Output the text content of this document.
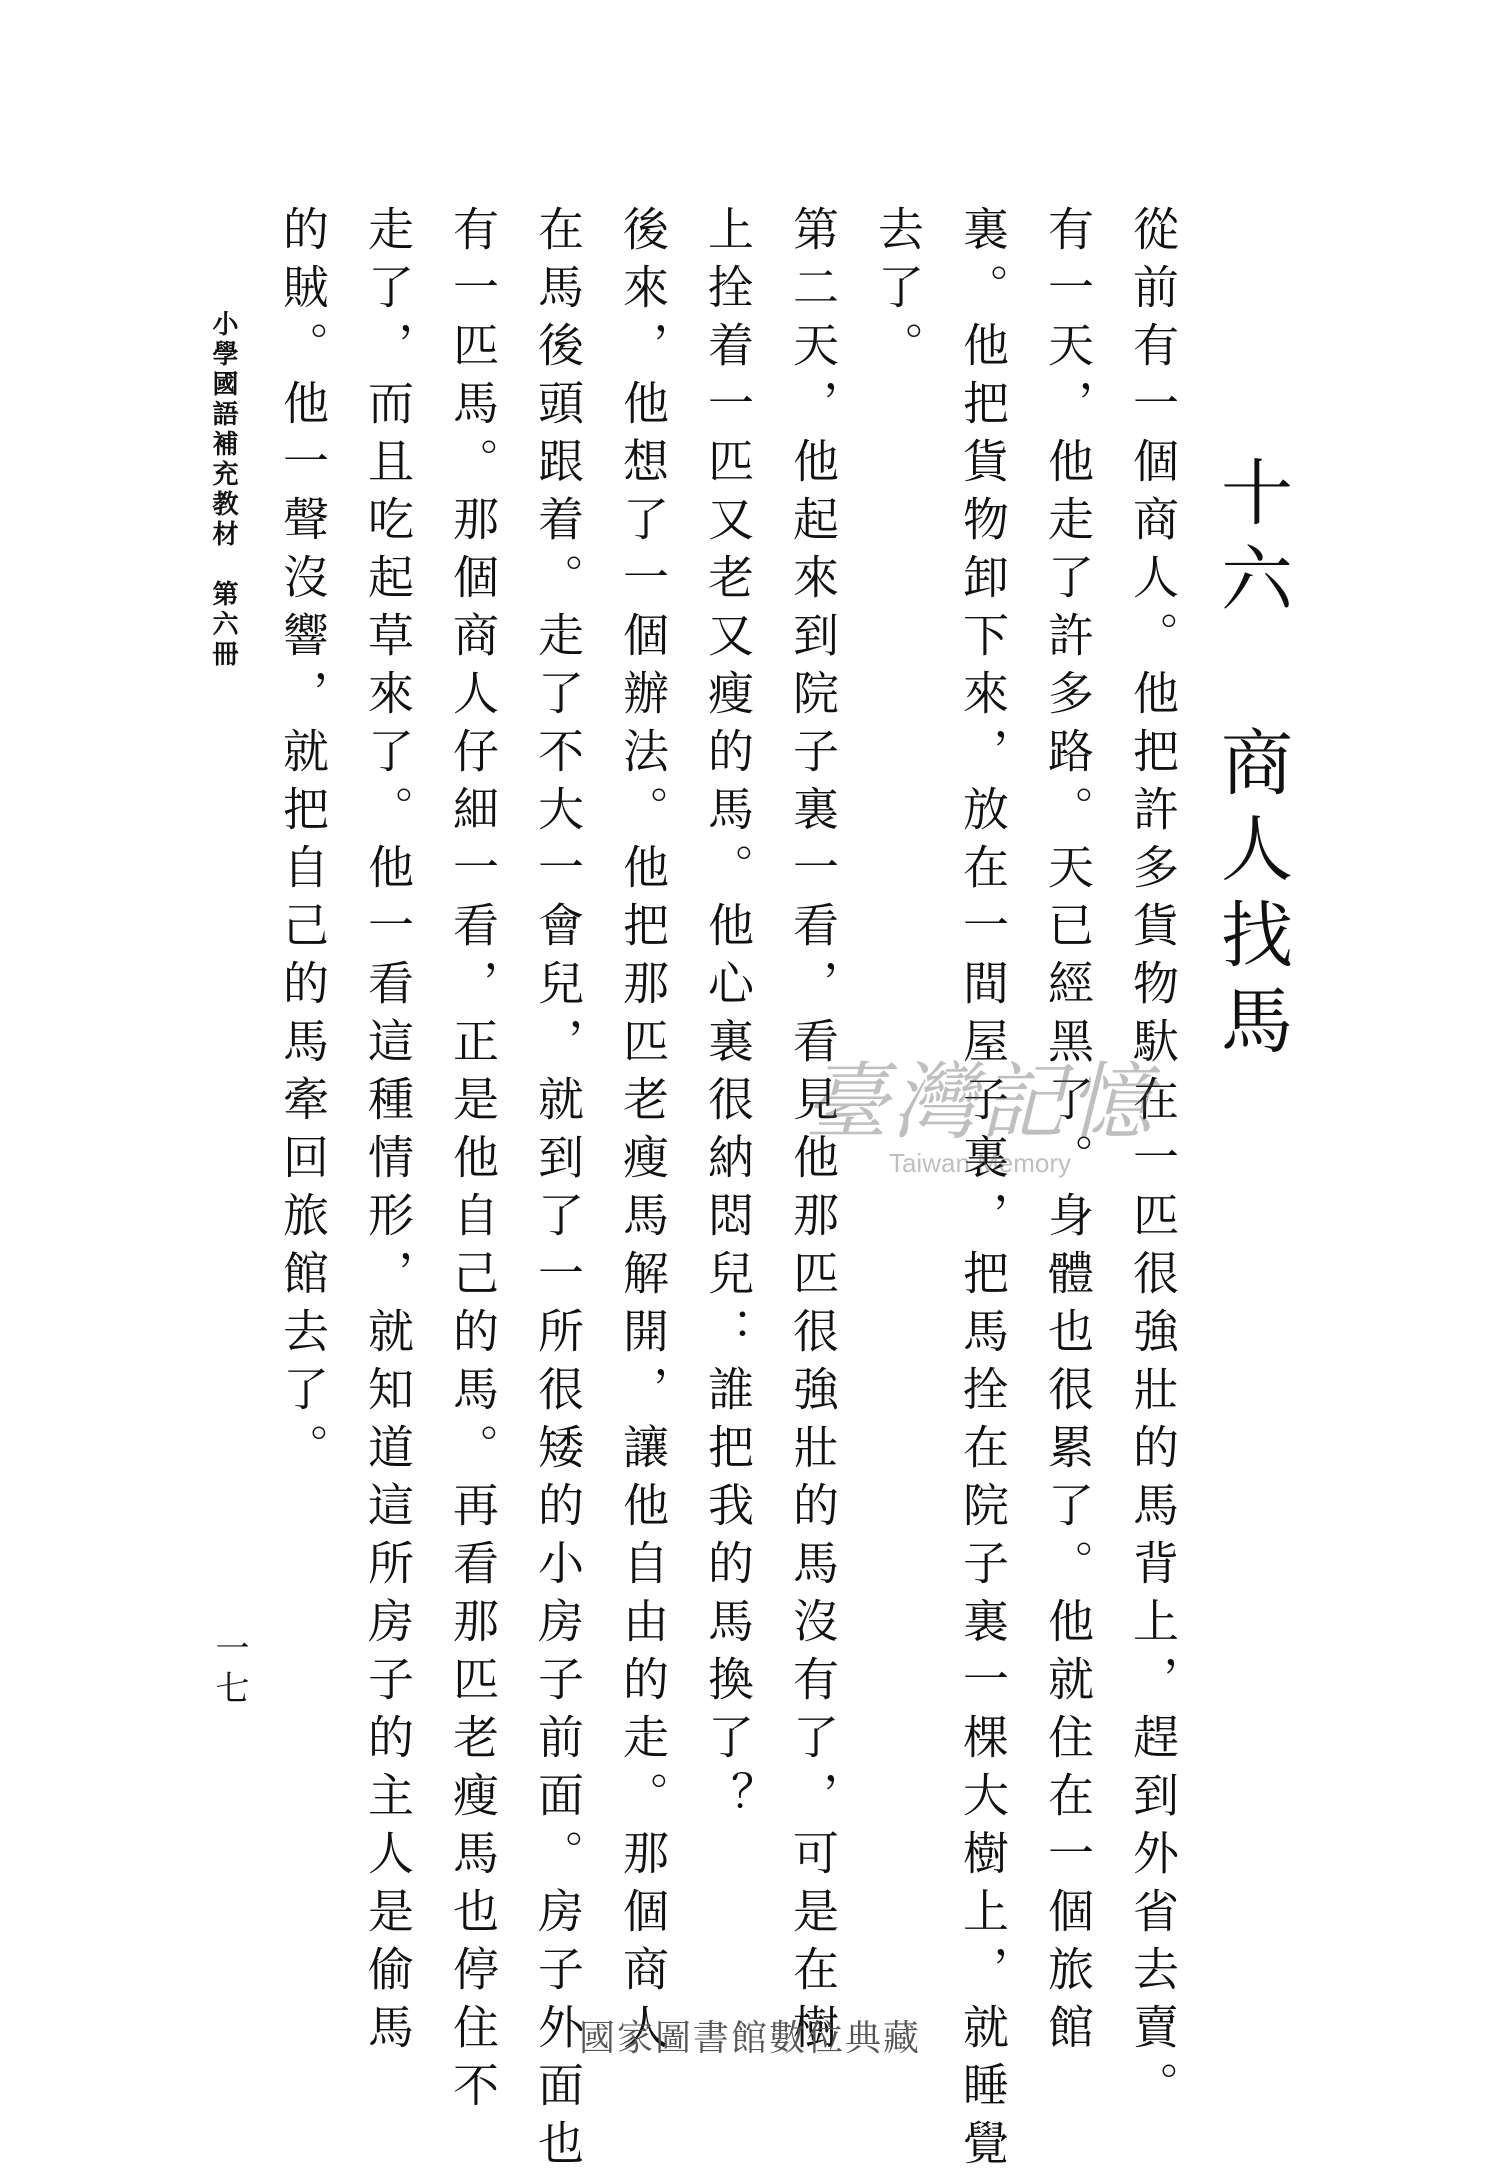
十六 商人找馬
從前有一個商人。他把許多貨物馱在一匹很強壯的馬背上，趕到外省去賣。
有一天，他走了許多路。天已經黑了。身體也很累了。他就住在一個旅館
裏。他把貨物卸下來，放在一間屋子裏，把馬拴在院子裏一棵大樹上，就睡覺
去了。
第二天，他起來到院子裏一看，看見他那匹很強壯的馬沒有了，可是在樹
上拴着一匹又老又瘦的馬。他心裏很納悶兒：誰把我的馬換了？
後來，他想了一個辦法。他把那匹老瘦馬解開，讓他自由的走。那個商人
在馬後頭跟着。走了不大一會兒，就到了一所很矮的小房子前面。房子外面也
有一匹馬。那個商人仔細一看，正是他自己的馬。再看那匹老瘦馬也停住不
走了，而且吃起草來了。他一看這種情形，就知道這所房子的主人是偷馬
的賊。他一聲沒響，就把自己的馬牽回旅館去了。
小學國語補充教材　第六冊
一七
臺灣記憶
Taiwan Memory
國家圖書館數位典藏
